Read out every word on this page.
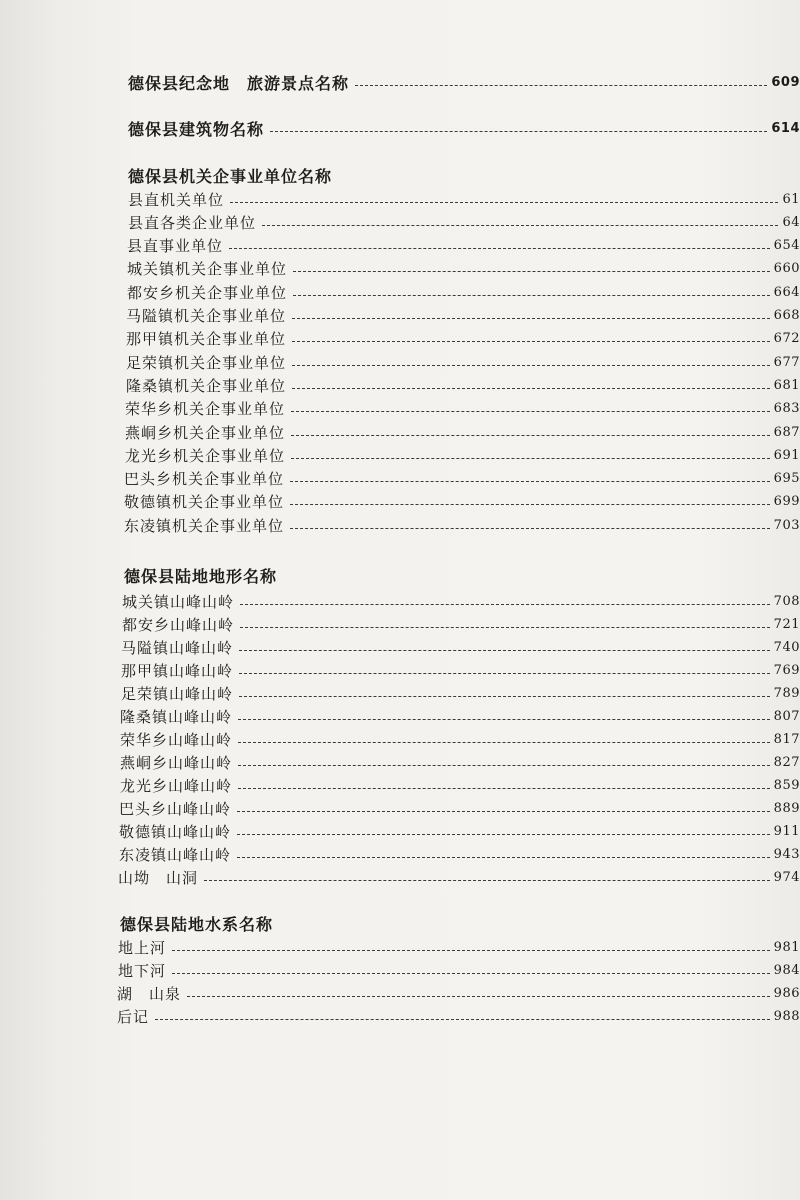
德保县纪念地　旅游景点名称	609
德保县建筑物名称	614
德保县机关企事业单位名称
县直机关单位	61
县直各类企业单位	64
县直事业单位	654
城关镇机关企事业单位	660
都安乡机关企事业单位	664
马隘镇机关企事业单位	668
那甲镇机关企事业单位	672
足荣镇机关企事业单位	677
隆桑镇机关企事业单位	681
荣华乡机关企事业单位	683
燕峒乡机关企事业单位	687
龙光乡机关企事业单位	691
巴头乡机关企事业单位	695
敬德镇机关企事业单位	699
东凌镇机关企事业单位	703
德保县陆地地形名称
城关镇山峰山岭	708
都安乡山峰山岭	721
马隘镇山峰山岭	740
那甲镇山峰山岭	769
足荣镇山峰山岭	789
隆桑镇山峰山岭	807
荣华乡山峰山岭	817
燕峒乡山峰山岭	827
龙光乡山峰山岭	859
巴头乡山峰山岭	889
敬德镇山峰山岭	911
东凌镇山峰山岭	943
山坳　山洞	974
德保县陆地水系名称
地上河	981
地下河	984
湖　山泉	986
后记	988
